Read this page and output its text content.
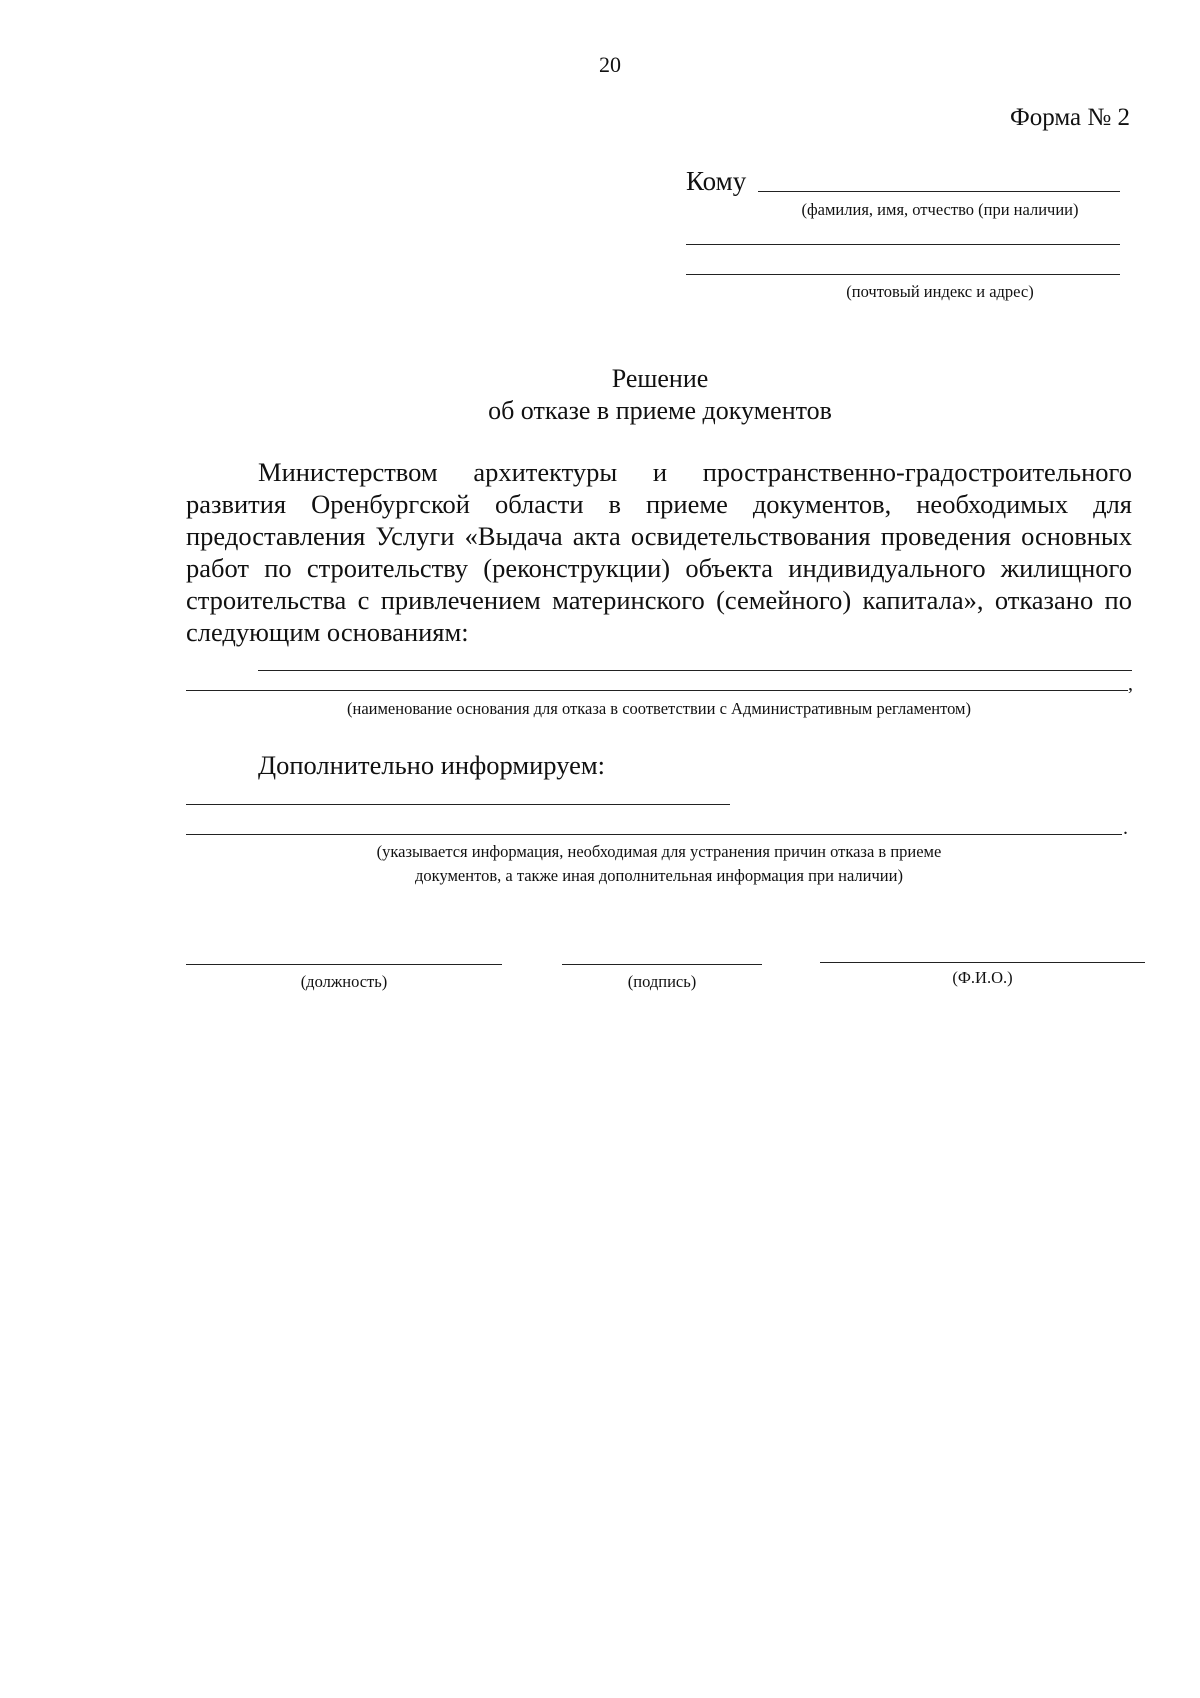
20
Форма № 2
Кому
(фамилия, имя, отчество (при наличии)
(почтовый индекс и адрес)
Решение
об отказе в приеме документов
Министерством архитектуры и пространственно-градостроительного развития Оренбургской области в приеме документов, необходимых для предоставления Услуги «Выдача акта освидетельствования проведения основных работ по строительству (реконструкции) объекта индивидуального жилищного строительства с привлечением материнского (семейного) капитала», отказано по следующим основаниям:
,
(наименование основания для отказа в соответствии с Административным регламентом)
Дополнительно информируем:
.
(указывается информация, необходимая для устранения причин отказа в приеме
документов, а также иная дополнительная информация при наличии)
(должность)	(подпись)	(Ф.И.О.)
